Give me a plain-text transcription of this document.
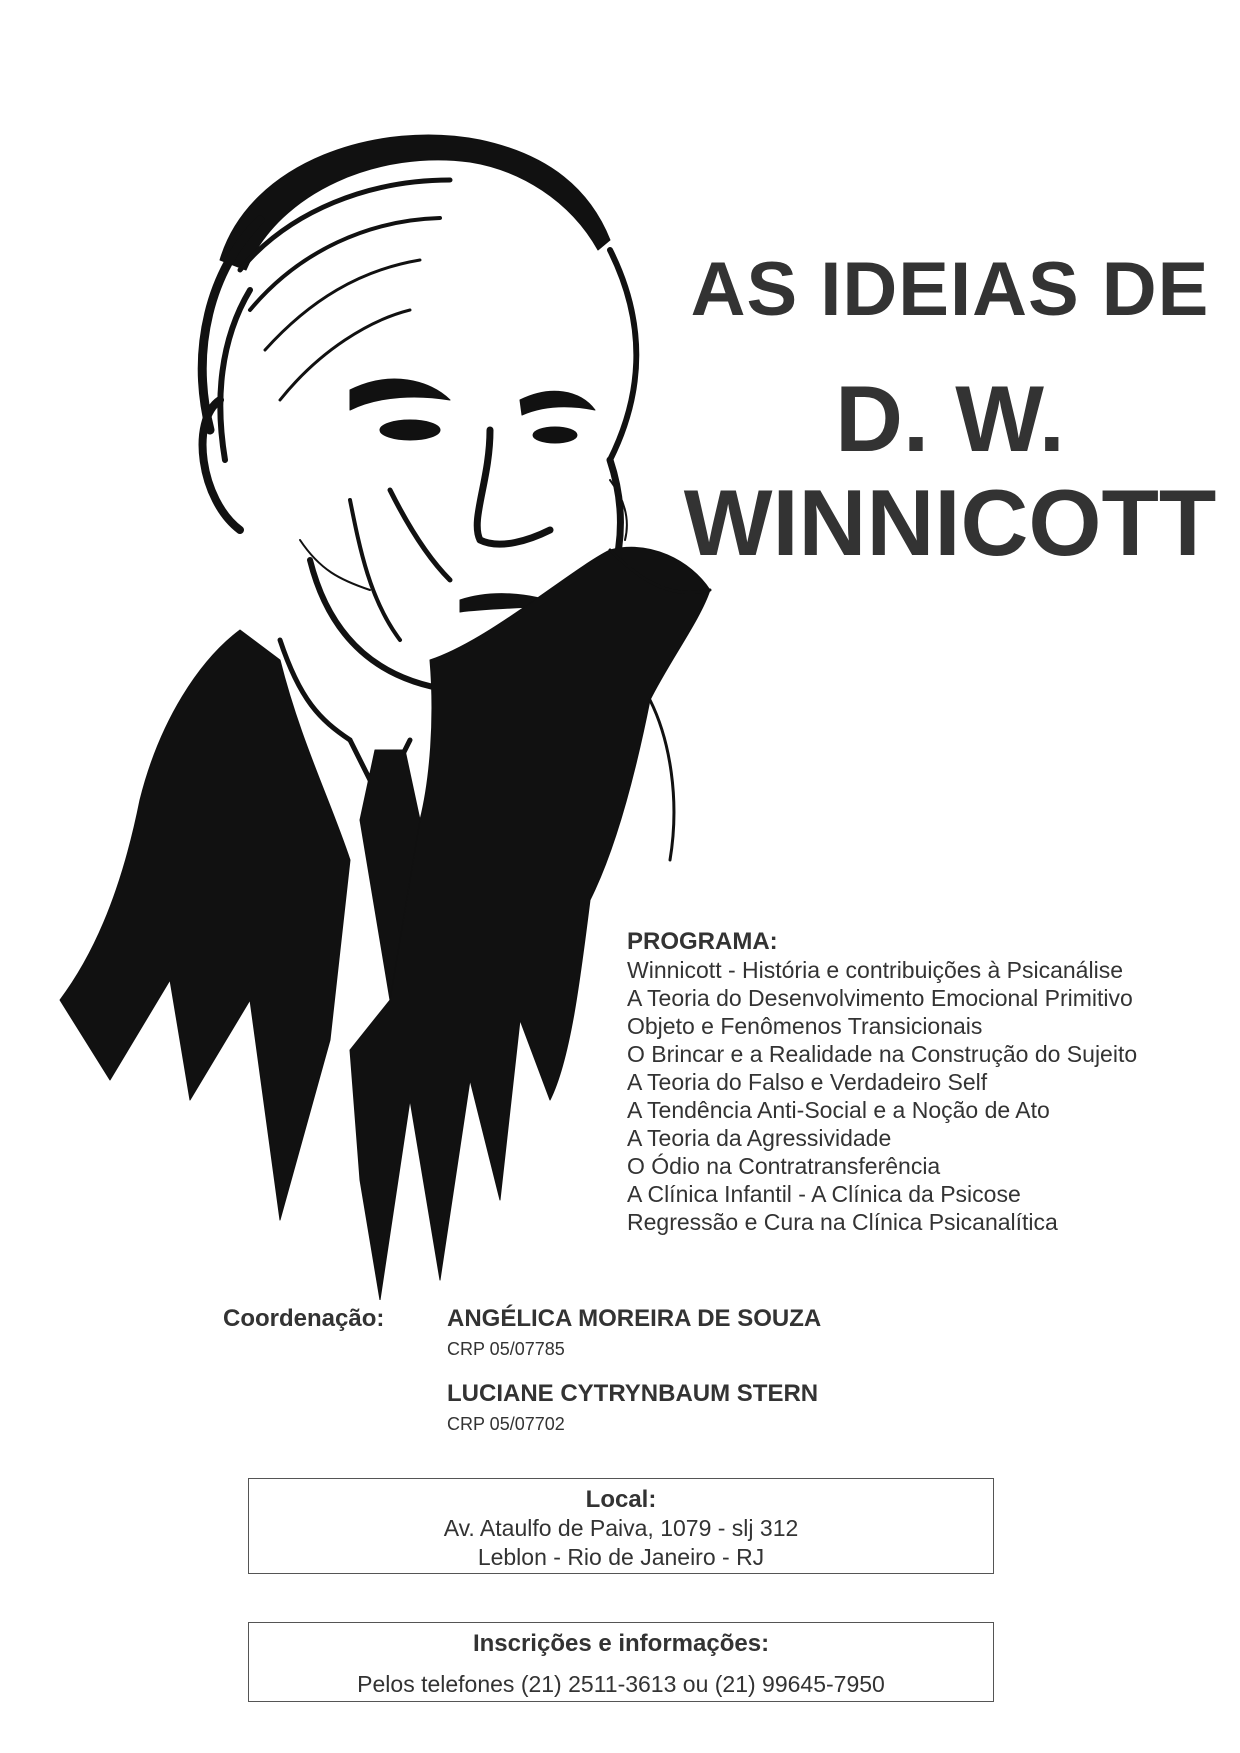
AS IDEIAS DE
D. W.
WINNICOTT
PROGRAMA:
Winnicott - História e contribuições à Psicanálise
A Teoria do Desenvolvimento Emocional Primitivo
Objeto e Fenômenos Transicionais
O Brincar e a Realidade na Construção do Sujeito
A Teoria do Falso e Verdadeiro Self
A Tendência Anti-Social e a Noção de Ato
A Teoria da Agressividade
O Ódio na Contratransferência
A Clínica Infantil - A Clínica da Psicose
Regressão e Cura na Clínica Psicanalítica
Coordenação:	ANGÉLICA MOREIRA DE SOUZA
CRP 05/07785
LUCIANE CYTRYNBAUM STERN
CRP 05/07702
Local:
Av. Ataulfo de Paiva, 1079 - slj 312
Leblon - Rio de Janeiro - RJ
Inscrições e informações:
Pelos telefones (21) 2511-3613 ou (21) 99645-7950
